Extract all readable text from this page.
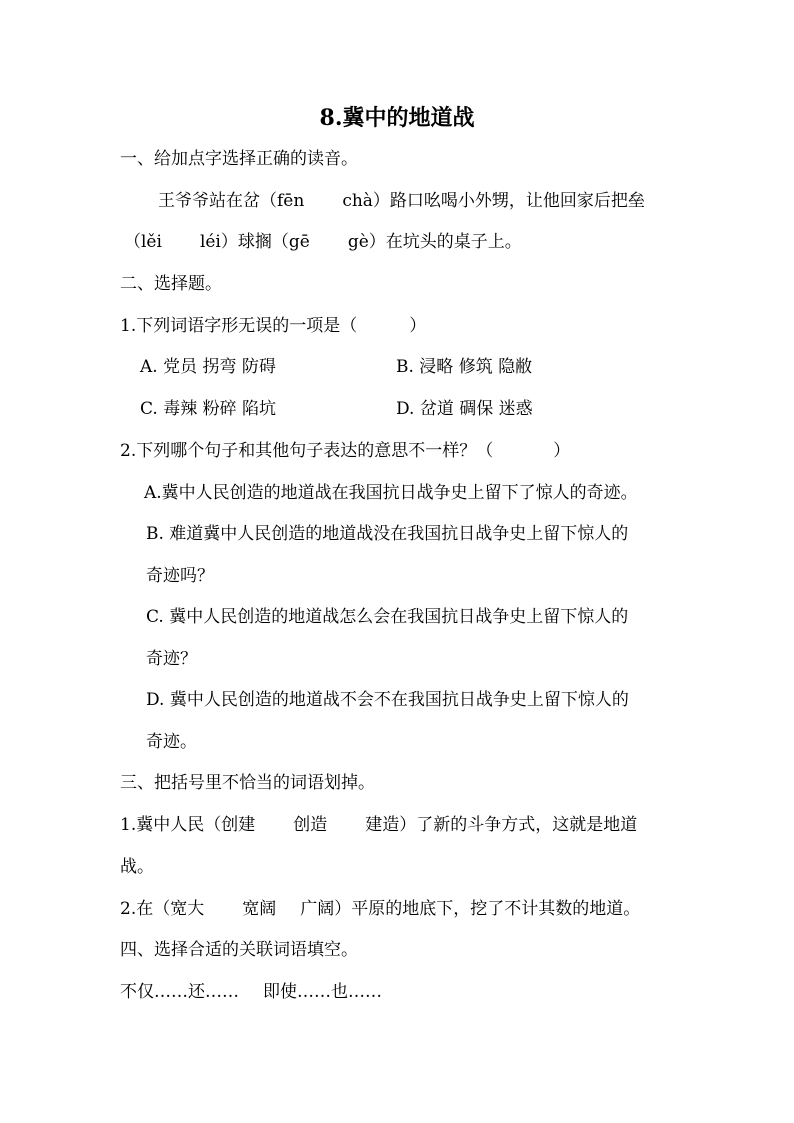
8.冀中的地道战
一、给加点字选择正确的读音。
王爷爷站在岔（fēn chà）路口吆喝小外甥，让他回家后把垒
（lěi léi）球搁（gē gè）在坑头的桌子上。
二、选择题。
1.下列词语字形无误的一项是（	）
A. 党员 拐弯 防碍	B. 浸略 修筑 隐敝
C. 毒辣 粉碎 陷坑	D. 岔道 碉保 迷惑
2.下列哪个句子和其他句子表达的意思不一样？（	）
A.冀中人民创造的地道战在我国抗日战争史上留下了惊人的奇迹。
B. 难道冀中人民创造的地道战没在我国抗日战争史上留下惊人的
奇迹吗？
C. 冀中人民创造的地道战怎么会在我国抗日战争史上留下惊人的
奇迹？
D. 冀中人民创造的地道战不会不在我国抗日战争史上留下惊人的
奇迹。
三、把括号里不恰当的词语划掉。
1.冀中人民（创建 创造 建造）了新的斗争方式，这就是地道
战。
2.在（宽大 宽阔 广阔）平原的地底下，挖了不计其数的地道。
四、选择合适的关联词语填空。
不仅……还…… 即使……也……
